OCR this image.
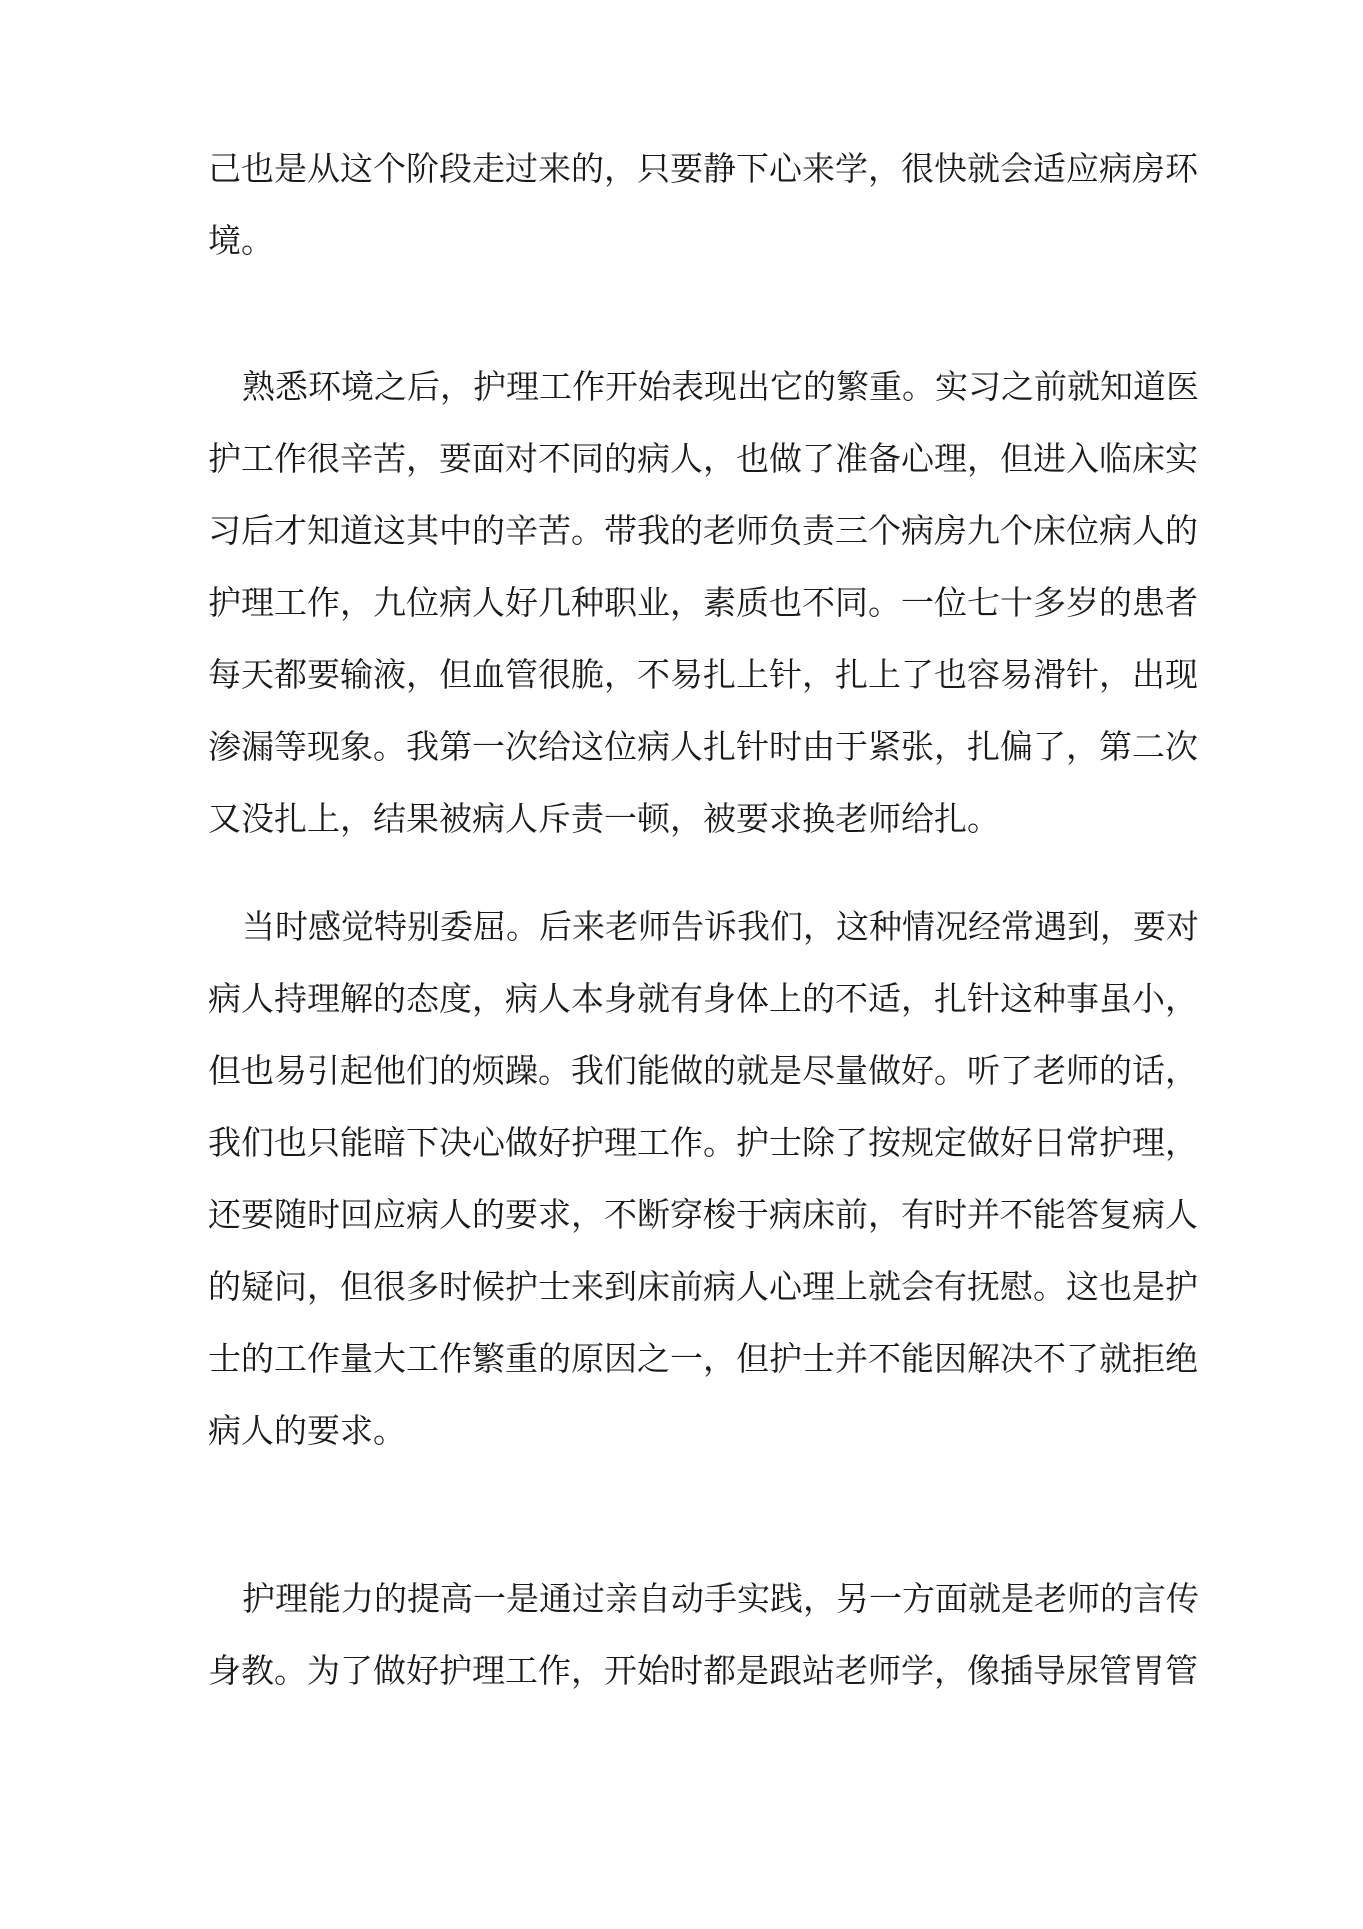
己也是从这个阶段走过来的，只要静下心来学，很快就会适应病房环
境。
熟悉环境之后，护理工作开始表现出它的繁重。实习之前就知道医
护工作很辛苦，要面对不同的病人，也做了准备心理，但进入临床实
习后才知道这其中的辛苦。带我的老师负责三个病房九个床位病人的
护理工作，九位病人好几种职业，素质也不同。一位七十多岁的患者
每天都要输液，但血管很脆，不易扎上针，扎上了也容易滑针，出现
渗漏等现象。我第一次给这位病人扎针时由于紧张，扎偏了，第二次
又没扎上，结果被病人斥责一顿，被要求换老师给扎。
当时感觉特别委屈。后来老师告诉我们，这种情况经常遇到，要对
病人持理解的态度，病人本身就有身体上的不适，扎针这种事虽小，
但也易引起他们的烦躁。我们能做的就是尽量做好。听了老师的话，
我们也只能暗下决心做好护理工作。护士除了按规定做好日常护理，
还要随时回应病人的要求，不断穿梭于病床前，有时并不能答复病人
的疑问，但很多时候护士来到床前病人心理上就会有抚慰。这也是护
士的工作量大工作繁重的原因之一，但护士并不能因解决不了就拒绝
病人的要求。
护理能力的提高一是通过亲自动手实践，另一方面就是老师的言传
身教。为了做好护理工作，开始时都是跟站老师学，像插导尿管胃管
